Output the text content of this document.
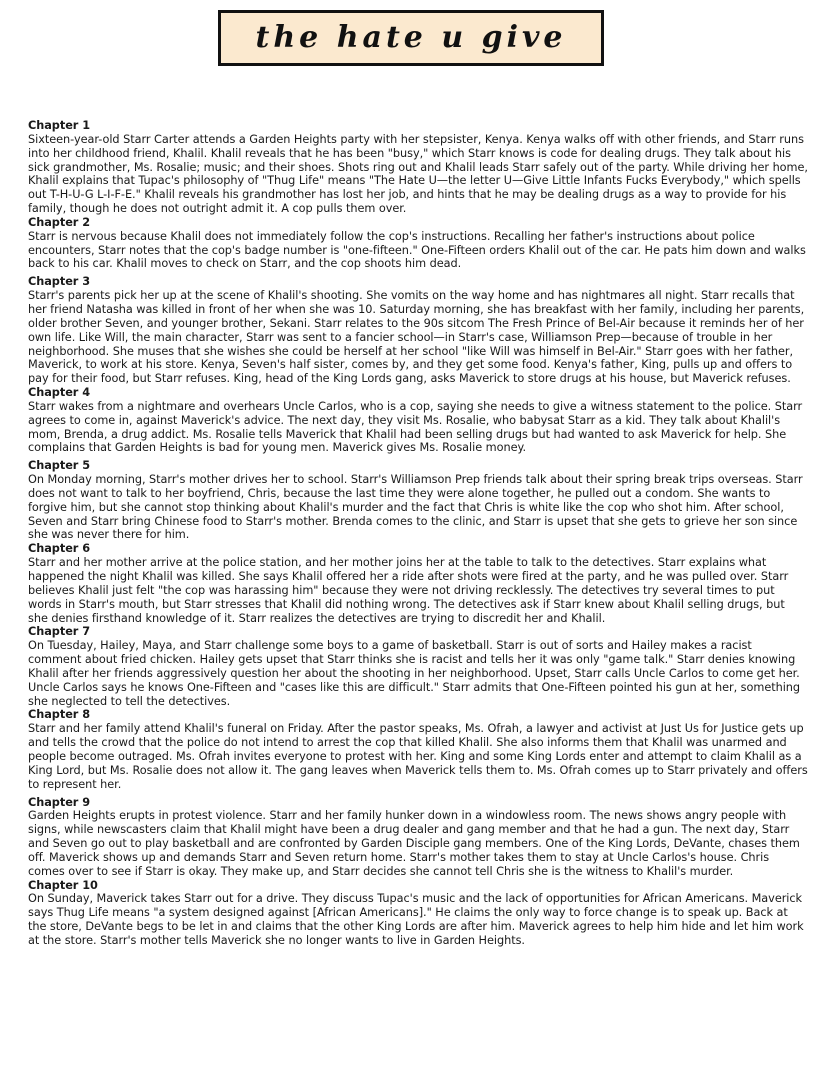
the hate u give

Chapter 1

Sixteen-year-old Starr Carter attends a Garden Heights party with her stepsister, Kenya. Kenya walks off with other friends, and Starr runs into her childhood friend, Khalil. Khalil reveals that he has been "busy," which Starr knows is code for dealing drugs. They talk about his sick grandmother, Ms. Rosalie; music; and their shoes. Shots ring out and Khalil leads Starr safely out of the party. While driving her home, Khalil explains that Tupac's philosophy of "Thug Life" means "The Hate U—the letter U—Give Little Infants Fucks Everybody," which spells out T-H-U-G L-I-F-E." Khalil reveals his grandmother has lost her job, and hints that he may be dealing drugs as a way to provide for his family, though he does not outright admit it. A cop pulls them over.

Chapter 2

Starr is nervous because Khalil does not immediately follow the cop's instructions. Recalling her father's instructions about police encounters, Starr notes that the cop's badge number is "one-fifteen." One-Fifteen orders Khalil out of the car. He pats him down and walks back to his car. Khalil moves to check on Starr, and the cop shoots him dead.

Chapter 3

Starr's parents pick her up at the scene of Khalil's shooting. She vomits on the way home and has nightmares all night. Starr recalls that her friend Natasha was killed in front of her when she was 10. Saturday morning, she has breakfast with her family, including her parents, older brother Seven, and younger brother, Sekani. Starr relates to the 90s sitcom The Fresh Prince of Bel-Air because it reminds her of her own life. Like Will, the main character, Starr was sent to a fancier school—in Starr's case, Williamson Prep—because of trouble in her neighborhood. She muses that she wishes she could be herself at her school "like Will was himself in Bel-Air." Starr goes with her father, Maverick, to work at his store. Kenya, Seven's half sister, comes by, and they get some food. Kenya's father, King, pulls up and offers to pay for their food, but Starr refuses. King, head of the King Lords gang, asks Maverick to store drugs at his house, but Maverick refuses.

Chapter 4

Starr wakes from a nightmare and overhears Uncle Carlos, who is a cop, saying she needs to give a witness statement to the police. Starr agrees to come in, against Maverick's advice. The next day, they visit Ms. Rosalie, who babysat Starr as a kid. They talk about Khalil's mom, Brenda, a drug addict. Ms. Rosalie tells Maverick that Khalil had been selling drugs but had wanted to ask Maverick for help. She complains that Garden Heights is bad for young men. Maverick gives Ms. Rosalie money.

Chapter 5

On Monday morning, Starr's mother drives her to school. Starr's Williamson Prep friends talk about their spring break trips overseas. Starr does not want to talk to her boyfriend, Chris, because the last time they were alone together, he pulled out a condom. She wants to forgive him, but she cannot stop thinking about Khalil's murder and the fact that Chris is white like the cop who shot him. After school, Seven and Starr bring Chinese food to Starr's mother. Brenda comes to the clinic, and Starr is upset that she gets to grieve her son since she was never there for him.

Chapter 6

Starr and her mother arrive at the police station, and her mother joins her at the table to talk to the detectives. Starr explains what happened the night Khalil was killed. She says Khalil offered her a ride after shots were fired at the party, and he was pulled over. Starr believes Khalil just felt "the cop was harassing him" because they were not driving recklessly. The detectives try several times to put words in Starr's mouth, but Starr stresses that Khalil did nothing wrong. The detectives ask if Starr knew about Khalil selling drugs, but she denies firsthand knowledge of it. Starr realizes the detectives are trying to discredit her and Khalil.

Chapter 7

On Tuesday, Hailey, Maya, and Starr challenge some boys to a game of basketball. Starr is out of sorts and Hailey makes a racist comment about fried chicken. Hailey gets upset that Starr thinks she is racist and tells her it was only "game talk." Starr denies knowing Khalil after her friends aggressively question her about the shooting in her neighborhood. Upset, Starr calls Uncle Carlos to come get her. Uncle Carlos says he knows One-Fifteen and "cases like this are difficult." Starr admits that One-Fifteen pointed his gun at her, something she neglected to tell the detectives.

Chapter 8

Starr and her family attend Khalil's funeral on Friday. After the pastor speaks, Ms. Ofrah, a lawyer and activist at Just Us for Justice gets up and tells the crowd that the police do not intend to arrest the cop that killed Khalil. She also informs them that Khalil was unarmed and people become outraged. Ms. Ofrah invites everyone to protest with her. King and some King Lords enter and attempt to claim Khalil as a King Lord, but Ms. Rosalie does not allow it. The gang leaves when Maverick tells them to. Ms. Ofrah comes up to Starr privately and offers to represent her.

Chapter 9

Garden Heights erupts in protest violence. Starr and her family hunker down in a windowless room. The news shows angry people with signs, while newscasters claim that Khalil might have been a drug dealer and gang member and that he had a gun. The next day, Starr and Seven go out to play basketball and are confronted by Garden Disciple gang members. One of the King Lords, DeVante, chases them off. Maverick shows up and demands Starr and Seven return home. Starr's mother takes them to stay at Uncle Carlos's house. Chris comes over to see if Starr is okay. They make up, and Starr decides she cannot tell Chris she is the witness to Khalil's murder.

Chapter 10

On Sunday, Maverick takes Starr out for a drive. They discuss Tupac's music and the lack of opportunities for African Americans. Maverick says Thug Life means "a system designed against [African Americans]." He claims the only way to force change is to speak up. Back at the store, DeVante begs to be let in and claims that the other King Lords are after him. Maverick agrees to help him hide and let him work at the store. Starr's mother tells Maverick she no longer wants to live in Garden Heights.
